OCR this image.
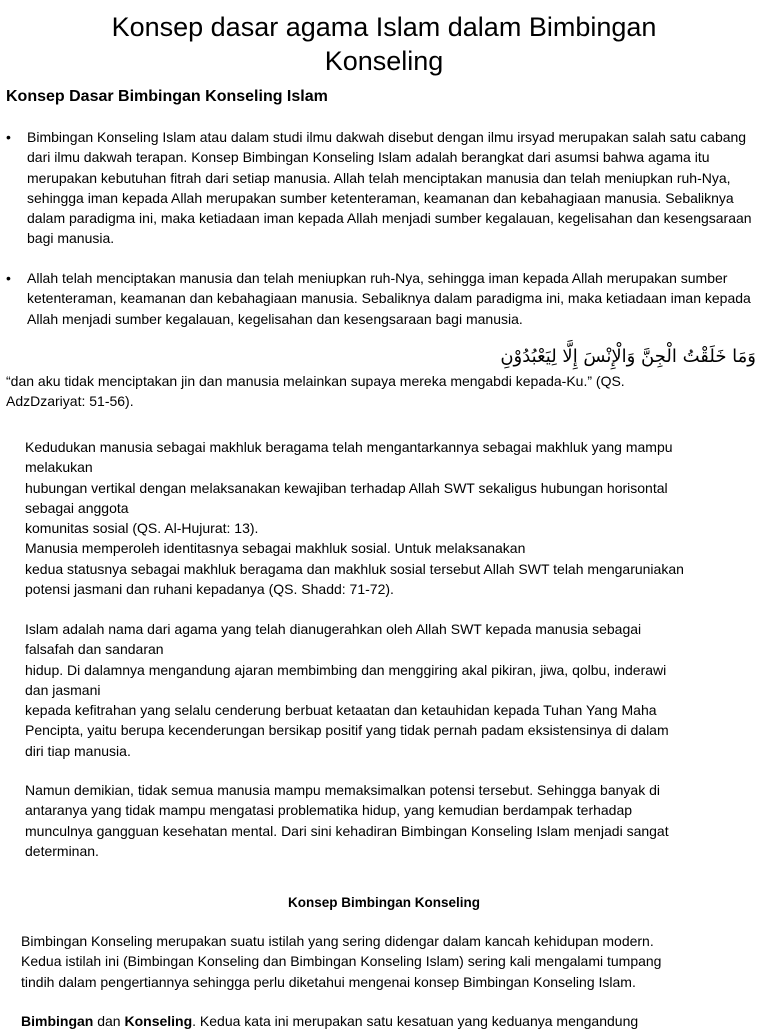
Konsep dasar agama Islam dalam Bimbingan
Konseling
Konsep Dasar Bimbingan Konseling Islam
• Bimbingan Konseling Islam atau dalam studi ilmu dakwah disebut dengan ilmu irsyad merupakan salah satu cabang dari ilmu dakwah terapan. Konsep Bimbingan Konseling Islam adalah berangkat dari asumsi bahwa agama itu merupakan kebutuhan fitrah dari setiap manusia. Allah telah menciptakan manusia dan telah meniupkan ruh-Nya, sehingga iman kepada Allah merupakan sumber ketenteraman, keamanan dan kebahagiaan manusia. Sebaliknya dalam paradigma ini, maka ketiadaan iman kepada Allah menjadi sumber kegalauan, kegelisahan dan kesengsaraan bagi manusia.
• Allah telah menciptakan manusia dan telah meniupkan ruh-Nya, sehingga iman kepada Allah merupakan sumber ketenteraman, keamanan dan kebahagiaan manusia. Sebaliknya dalam paradigma ini, maka ketiadaan iman kepada Allah menjadi sumber kegalauan, kegelisahan dan kesengsaraan bagi manusia.
وَمَا خَلَقْتُ الْجِنَّ وَالْإِنْسَ إِلَّا لِيَعْبُدُوْنِ
“dan aku tidak menciptakan jin dan manusia melainkan supaya mereka mengabdi kepada-Ku.” (QS.
AdzDzariyat: 51-56).
Kedudukan manusia sebagai makhluk beragama telah mengantarkannya sebagai makhluk yang mampu
melakukan
hubungan vertikal dengan melaksanakan kewajiban terhadap Allah SWT sekaligus hubungan horisontal
sebagai anggota
komunitas sosial (QS. Al-Hujurat: 13).
Manusia memperoleh identitasnya sebagai makhluk sosial. Untuk melaksanakan
kedua statusnya sebagai makhluk beragama dan makhluk sosial tersebut Allah SWT telah mengaruniakan
potensi jasmani dan ruhani kepadanya (QS. Shadd: 71-72).
Islam adalah nama dari agama yang telah dianugerahkan oleh Allah SWT kepada manusia sebagai
falsafah dan sandaran
hidup. Di dalamnya mengandung ajaran membimbing dan menggiring akal pikiran, jiwa, qolbu, inderawi
dan jasmani
kepada kefitrahan yang selalu cenderung berbuat ketaatan dan ketauhidan kepada Tuhan Yang Maha
Pencipta, yaitu berupa kecenderungan bersikap positif yang tidak pernah padam eksistensinya di dalam
diri tiap manusia.
Namun demikian, tidak semua manusia mampu memaksimalkan potensi tersebut. Sehingga banyak di
antaranya yang tidak mampu mengatasi problematika hidup, yang kemudian berdampak terhadap
munculnya gangguan kesehatan mental. Dari sini kehadiran Bimbingan Konseling Islam menjadi sangat
determinan.
Konsep Bimbingan Konseling
Bimbingan Konseling merupakan suatu istilah yang sering didengar dalam kancah kehidupan modern.
Kedua istilah ini (Bimbingan Konseling dan Bimbingan Konseling Islam) sering kali mengalami tumpang
tindih dalam pengertiannya sehingga perlu diketahui mengenai konsep Bimbingan Konseling Islam.
Bimbingan dan Konseling. Kedua kata ini merupakan satu kesatuan yang keduanya mengandung
